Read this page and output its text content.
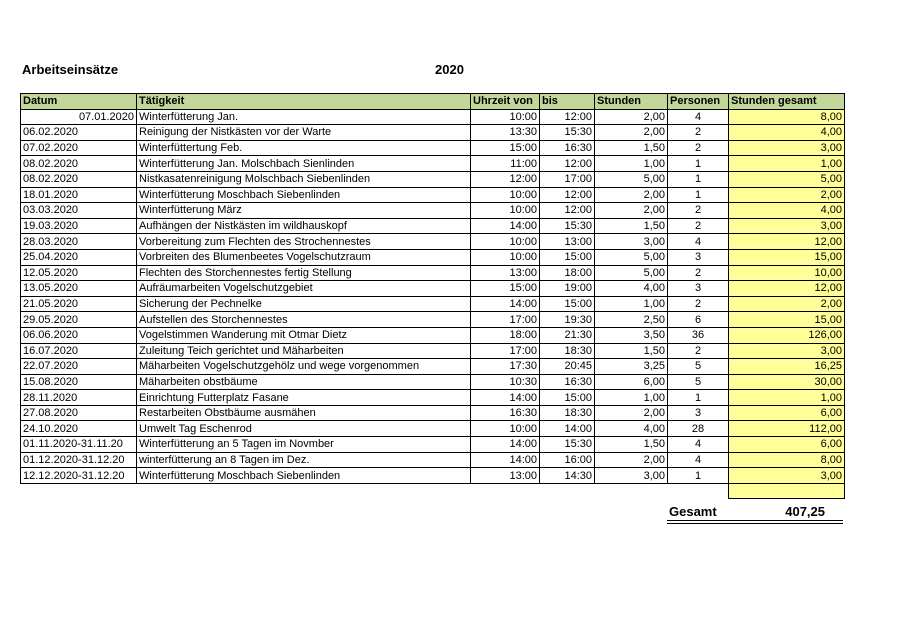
Arbeitseinsätze	2020
Datum	Tätigkeit	Uhrzeit von	bis	Stunden	Personen	Stunden gesamt
07.01.2020	Winterfütterung Jan.	10:00	12:00	2,00	4	8,00
06.02.2020	Reinigung der Nistkästen vor der Warte	13:30	15:30	2,00	2	4,00
07.02.2020	Winterfüttertung Feb.	15:00	16:30	1,50	2	3,00
08.02.2020	Winterfütterung Jan. Molschbach Sienlinden	11:00	12:00	1,00	1	1,00
08.02.2020	Nistkasatenreinigung Molschbach Siebenlinden	12:00	17:00	5,00	1	5,00
18.01.2020	Winterfütterung Moschbach Siebenlinden	10:00	12:00	2,00	1	2,00
03.03.2020	Winterfütterung März	10:00	12:00	2,00	2	4,00
19.03.2020	Aufhängen der Nistkästen im wildhauskopf	14:00	15:30	1,50	2	3,00
28.03.2020	Vorbereitung zum Flechten des Strochennestes	10:00	13:00	3,00	4	12,00
25.04.2020	Vorbreiten des Blumenbeetes Vogelschutzraum	10:00	15:00	5,00	3	15,00
12.05.2020	Flechten des Storchennestes fertig Stellung	13:00	18:00	5,00	2	10,00
13.05.2020	Aufräumarbeiten Vogelschutzgebiet	15:00	19:00	4,00	3	12,00
21.05.2020	Sicherung der Pechnelke	14:00	15:00	1,00	2	2,00
29.05.2020	Aufstellen des Storchennestes	17:00	19:30	2,50	6	15,00
06.06.2020	Vogelstimmen Wanderung mit Otmar Dietz	18:00	21:30	3,50	36	126,00
16.07.2020	Zuleitung Teich gerichtet und Mäharbeiten	17:00	18:30	1,50	2	3,00
22.07.2020	Mäharbeiten Vogelschutzgehölz und wege vorgenommen	17:30	20:45	3,25	5	16,25
15.08.2020	Mäharbeiten obstbäume	10:30	16:30	6,00	5	30,00
28.11.2020	Einrichtung Futterplatz Fasane	14:00	15:00	1,00	1	1,00
27.08.2020	Restarbeiten Obstbäume ausmähen	16:30	18:30	2,00	3	6,00
24.10.2020	Umwelt Tag Eschenrod	10:00	14:00	4,00	28	112,00
01.11.2020-31.11.20	Winterfütterung an 5 Tagen im Novmber	14:00	15:30	1,50	4	6,00
01.12.2020-31.12.20	winterfütterung an 8 Tagen im Dez.	14:00	16:00	2,00	4	8,00
12.12.2020-31.12.20	Winterfütterung Moschbach Siebenlinden	13:00	14:30	3,00	1	3,00

Gesamt	407,25
